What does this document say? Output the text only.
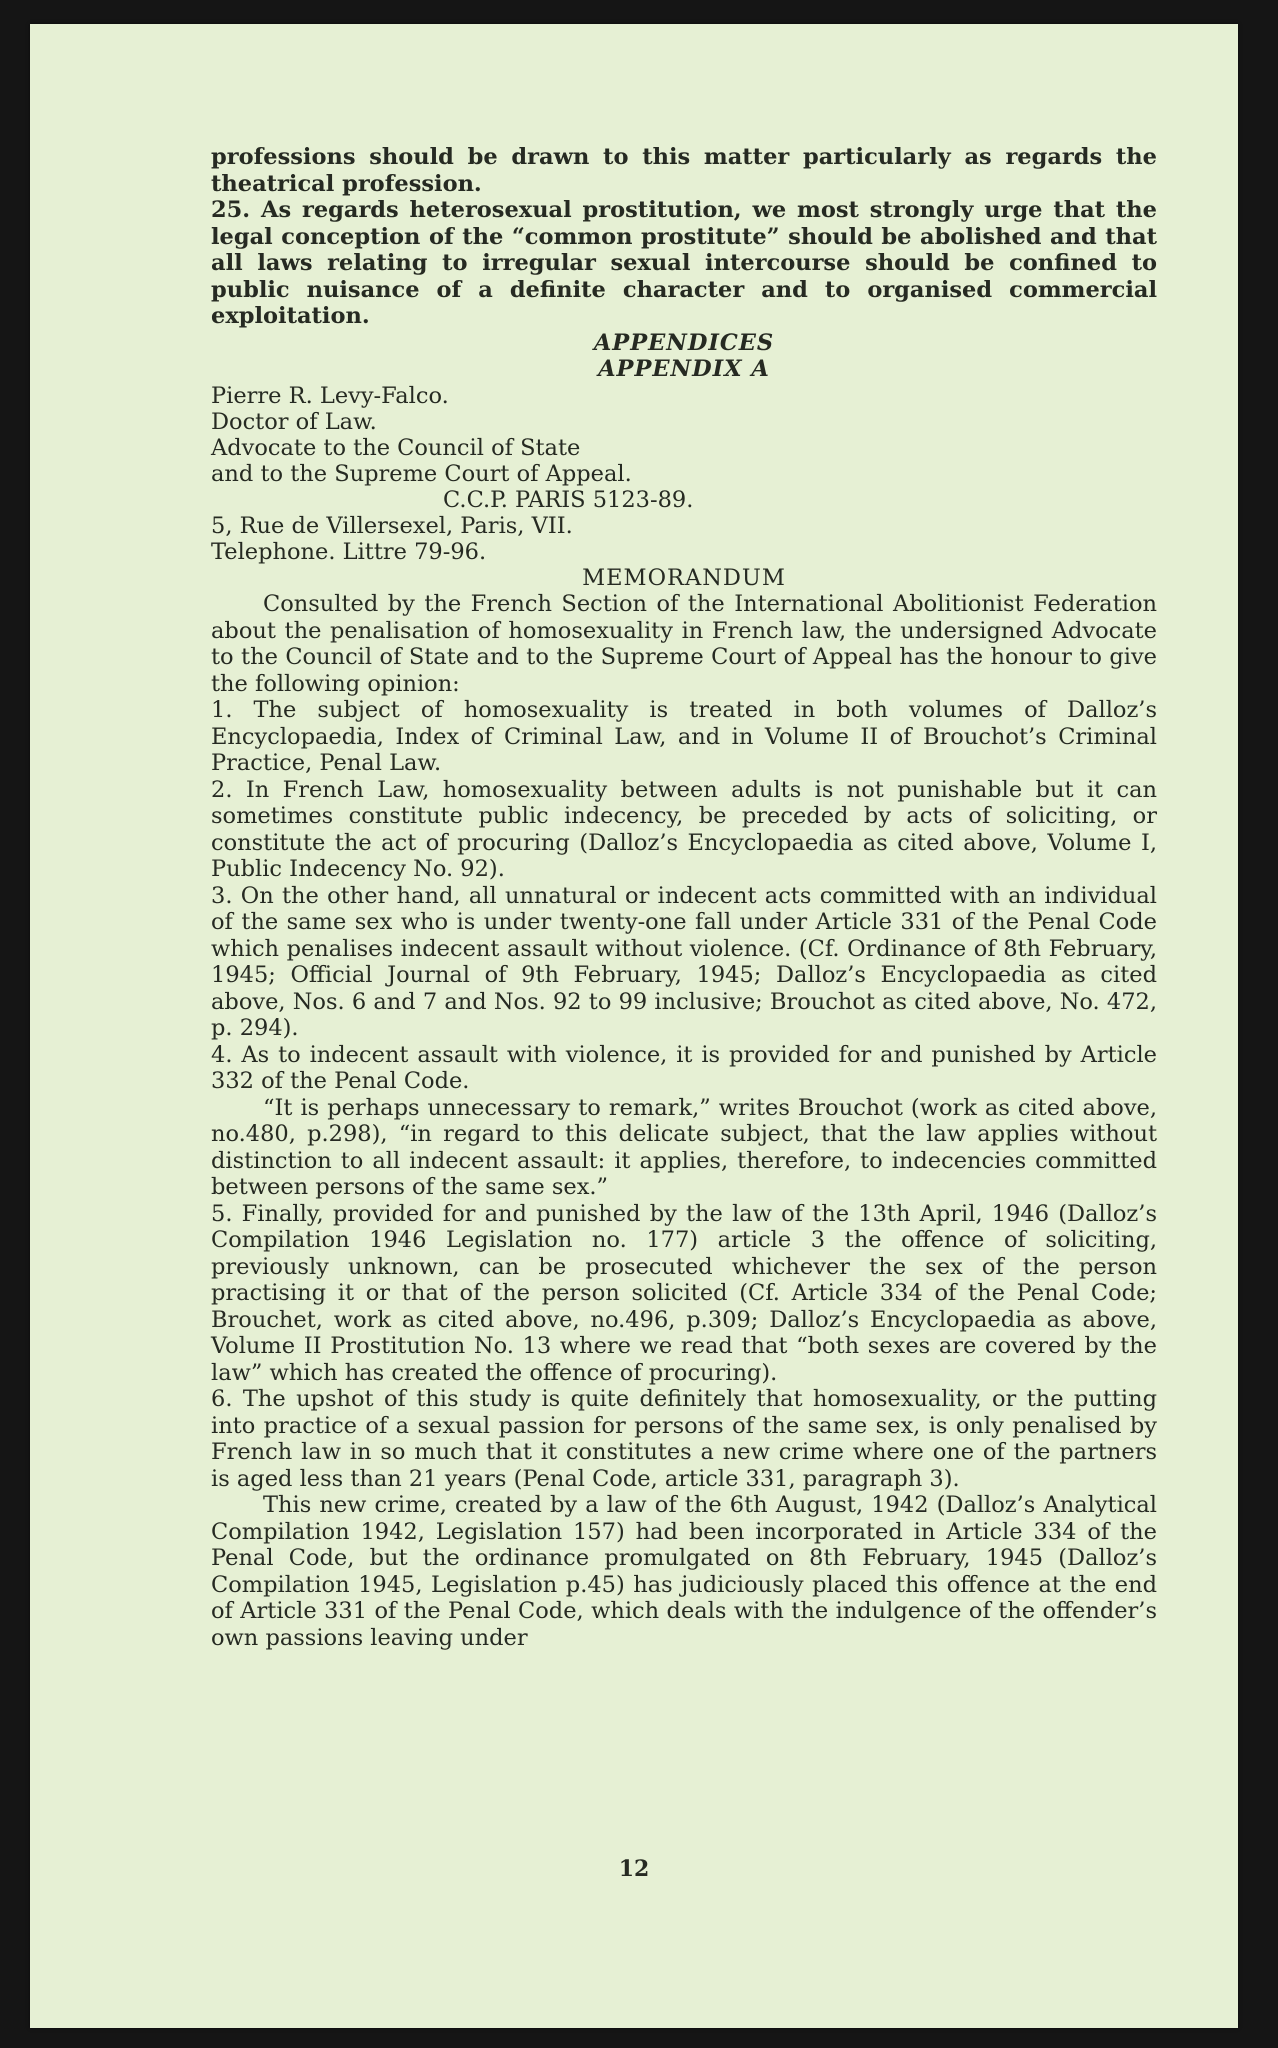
professions should be drawn to this matter particularly as regards the theatrical profession.

25. As regards heterosexual prostitution, we most strongly urge that the legal conception of the “common prostitute” should be abolished and that all laws relating to irregular sexual intercourse should be confined to public nuisance of a definite character and to organised commercial exploitation.

APPENDICES

APPENDIX A

Pierre R. Levy-Falco.

Doctor of Law.

Advocate to the Council of State

and to the Supreme Court of Appeal.

C.C.P. PARIS 5123-89.

5, Rue de Villersexel, Paris, VII.

Telephone. Littre 79-96.

MEMORANDUM

Consulted by the French Section of the International Abolitionist Federation about the penalisation of homosexuality in French law, the undersigned Advocate to the Council of State and to the Supreme Court of Appeal has the honour to give the following opinion:

1. The subject of homosexuality is treated in both volumes of Dalloz’s Encyclopaedia, Index of Criminal Law, and in Volume II of Brouchot’s Criminal Practice, Penal Law.

2. In French Law, homosexuality between adults is not punishable but it can sometimes constitute public indecency, be preceded by acts of soliciting, or constitute the act of procuring (Dalloz’s Encyclopaedia as cited above, Volume I, Public Indecency No. 92).

3. On the other hand, all unnatural or indecent acts committed with an individual of the same sex who is under twenty-one fall under Article 331 of the Penal Code which penalises indecent assault without violence. (Cf. Ordinance of 8th February, 1945; Official Journal of 9th February, 1945; Dalloz’s Encyclopaedia as cited above, Nos. 6 and 7 and Nos. 92 to 99 inclusive; Brouchot as cited above, No. 472, p. 294).

4. As to indecent assault with violence, it is provided for and punished by Article 332 of the Penal Code.

“It is perhaps unnecessary to remark,” writes Brouchot (work as cited above, no.480, p.298), “in regard to this delicate subject, that the law applies without distinction to all indecent assault: it applies, therefore, to indecencies committed between persons of the same sex.”

5. Finally, provided for and punished by the law of the 13th April, 1946 (Dalloz’s Compilation 1946 Legislation no. 177) article 3 the offence of soliciting, previously unknown, can be prosecuted whichever the sex of the person practising it or that of the person solicited (Cf. Article 334 of the Penal Code; Brouchet, work as cited above, no.496, p.309; Dalloz’s Encyclopaedia as above, Volume II Prostitution No. 13 where we read that “both sexes are covered by the law” which has created the offence of procuring).

6. The upshot of this study is quite definitely that homosexuality, or the putting into practice of a sexual passion for persons of the same sex, is only penalised by French law in so much that it constitutes a new crime where one of the partners is aged less than 21 years (Penal Code, article 331, paragraph 3).

This new crime, created by a law of the 6th August, 1942 (Dalloz’s Analytical Compilation 1942, Legislation 157) had been incorporated in Article 334 of the Penal Code, but the ordinance promulgated on 8th February, 1945 (Dalloz’s Compilation 1945, Legislation p.45) has judiciously placed this offence at the end of Article 331 of the Penal Code, which deals with the indulgence of the offender’s own passions leaving under

12
